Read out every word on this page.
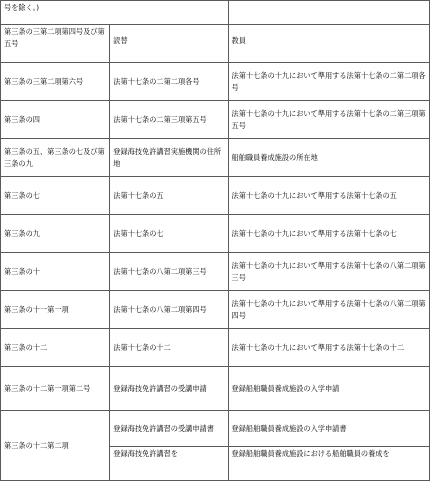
号を除く。)		
第三条の三第二項第四号及び第五号	読替	教員
第三条の三第二項第六号	法第十七条の二第二項各号	法第十七条の十九において準用する法第十七条の二第二項各号
第三条の四	法第十七条の二第三項第五号	法第十七条の十九において準用する法第十七条の二第三項第五号
第三条の五、第三条の七及び第三条の九	登録海技免許講習実施機関の住所地	船舶職員養成施設の所在地
第三条の七	法第十七条の五	法第十七条の十九において準用する法第十七条の五
第三条の九	法第十七条の七	法第十七条の十九において準用する法第十七条の七
第三条の十	法第十七条の八第二項第三号	法第十七条の十九において準用する法第十七条の八第二項第三号
第三条の十一第一項	法第十七条の八第二項第四号	法第十七条の十九において準用する法第十七条の八第二項第四号
第三条の十二	法第十七条の十二	法第十七条の十九において準用する法第十七条の十二
第三条の十二第一項第二号	登録海技免許講習の受講申請	登録船舶職員養成施設の入学申請
第三条の十二第二項	登録海技免許講習の受講申請書	登録船舶職員養成施設の入学申請書
	登録海技免許講習を	登録船舶職員養成施設における船舶職員の養成を
